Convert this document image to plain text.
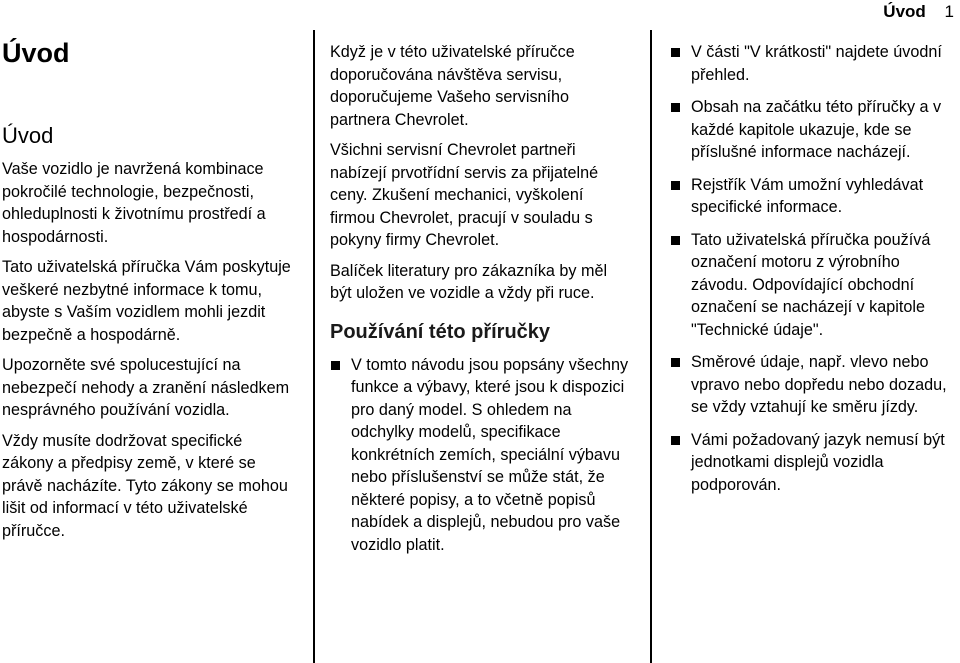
Úvod 1
Úvod
Úvod

Vaše vozidlo je navržená kombinace pokročilé technologie, bezpečnosti, ohleduplnosti k životnímu prostředí a hospodárnosti.

Tato uživatelská příručka Vám poskytuje veškeré nezbytné informace k tomu, abyste s Vaším vozidlem mohli jezdit bezpečně a hospodárně.

Upozorněte své spolucestující na nebezpečí nehody a zranění následkem nesprávného používání vozidla.

Vždy musíte dodržovat specifické zákony a předpisy země, v které se právě nacházíte. Tyto zákony se mohou lišit od informací v této uživatelské příručce.

Když je v této uživatelské příručce doporučována návštěva servisu, doporučujeme Vašeho servisního partnera Chevrolet.

Všichni servisní Chevrolet partneři nabízejí prvotřídní servis za přijatelné ceny. Zkušení mechanici, vyškolení firmou Chevrolet, pracují v souladu s pokyny firmy Chevrolet.

Balíček literatury pro zákazníka by měl být uložen ve vozidle a vždy při ruce.

Používání této příručky
V tomto návodu jsou popsány všechny funkce a výbavy, které jsou k dispozici pro daný model. S ohledem na odchylky modelů, specifikace konkrétních zemích, speciální výbavu nebo příslušenství se může stát, že některé popisy, a to včetně popisů nabídek a displejů, nebudou pro vaše vozidlo platit.
V části "V krátkosti" najdete úvodní přehled.
Obsah na začátku této příručky a v každé kapitole ukazuje, kde se příslušné informace nacházejí.
Rejstřík Vám umožní vyhledávat specifické informace.
Tato uživatelská příručka používá označení motoru z výrobního závodu. Odpovídající obchodní označení se nacházejí v kapitole "Technické údaje".
Směrové údaje, např. vlevo nebo vpravo nebo dopředu nebo dozadu, se vždy vztahují ke směru jízdy.
Vámi požadovaný jazyk nemusí být jednotkami displejů vozidla podporován.
